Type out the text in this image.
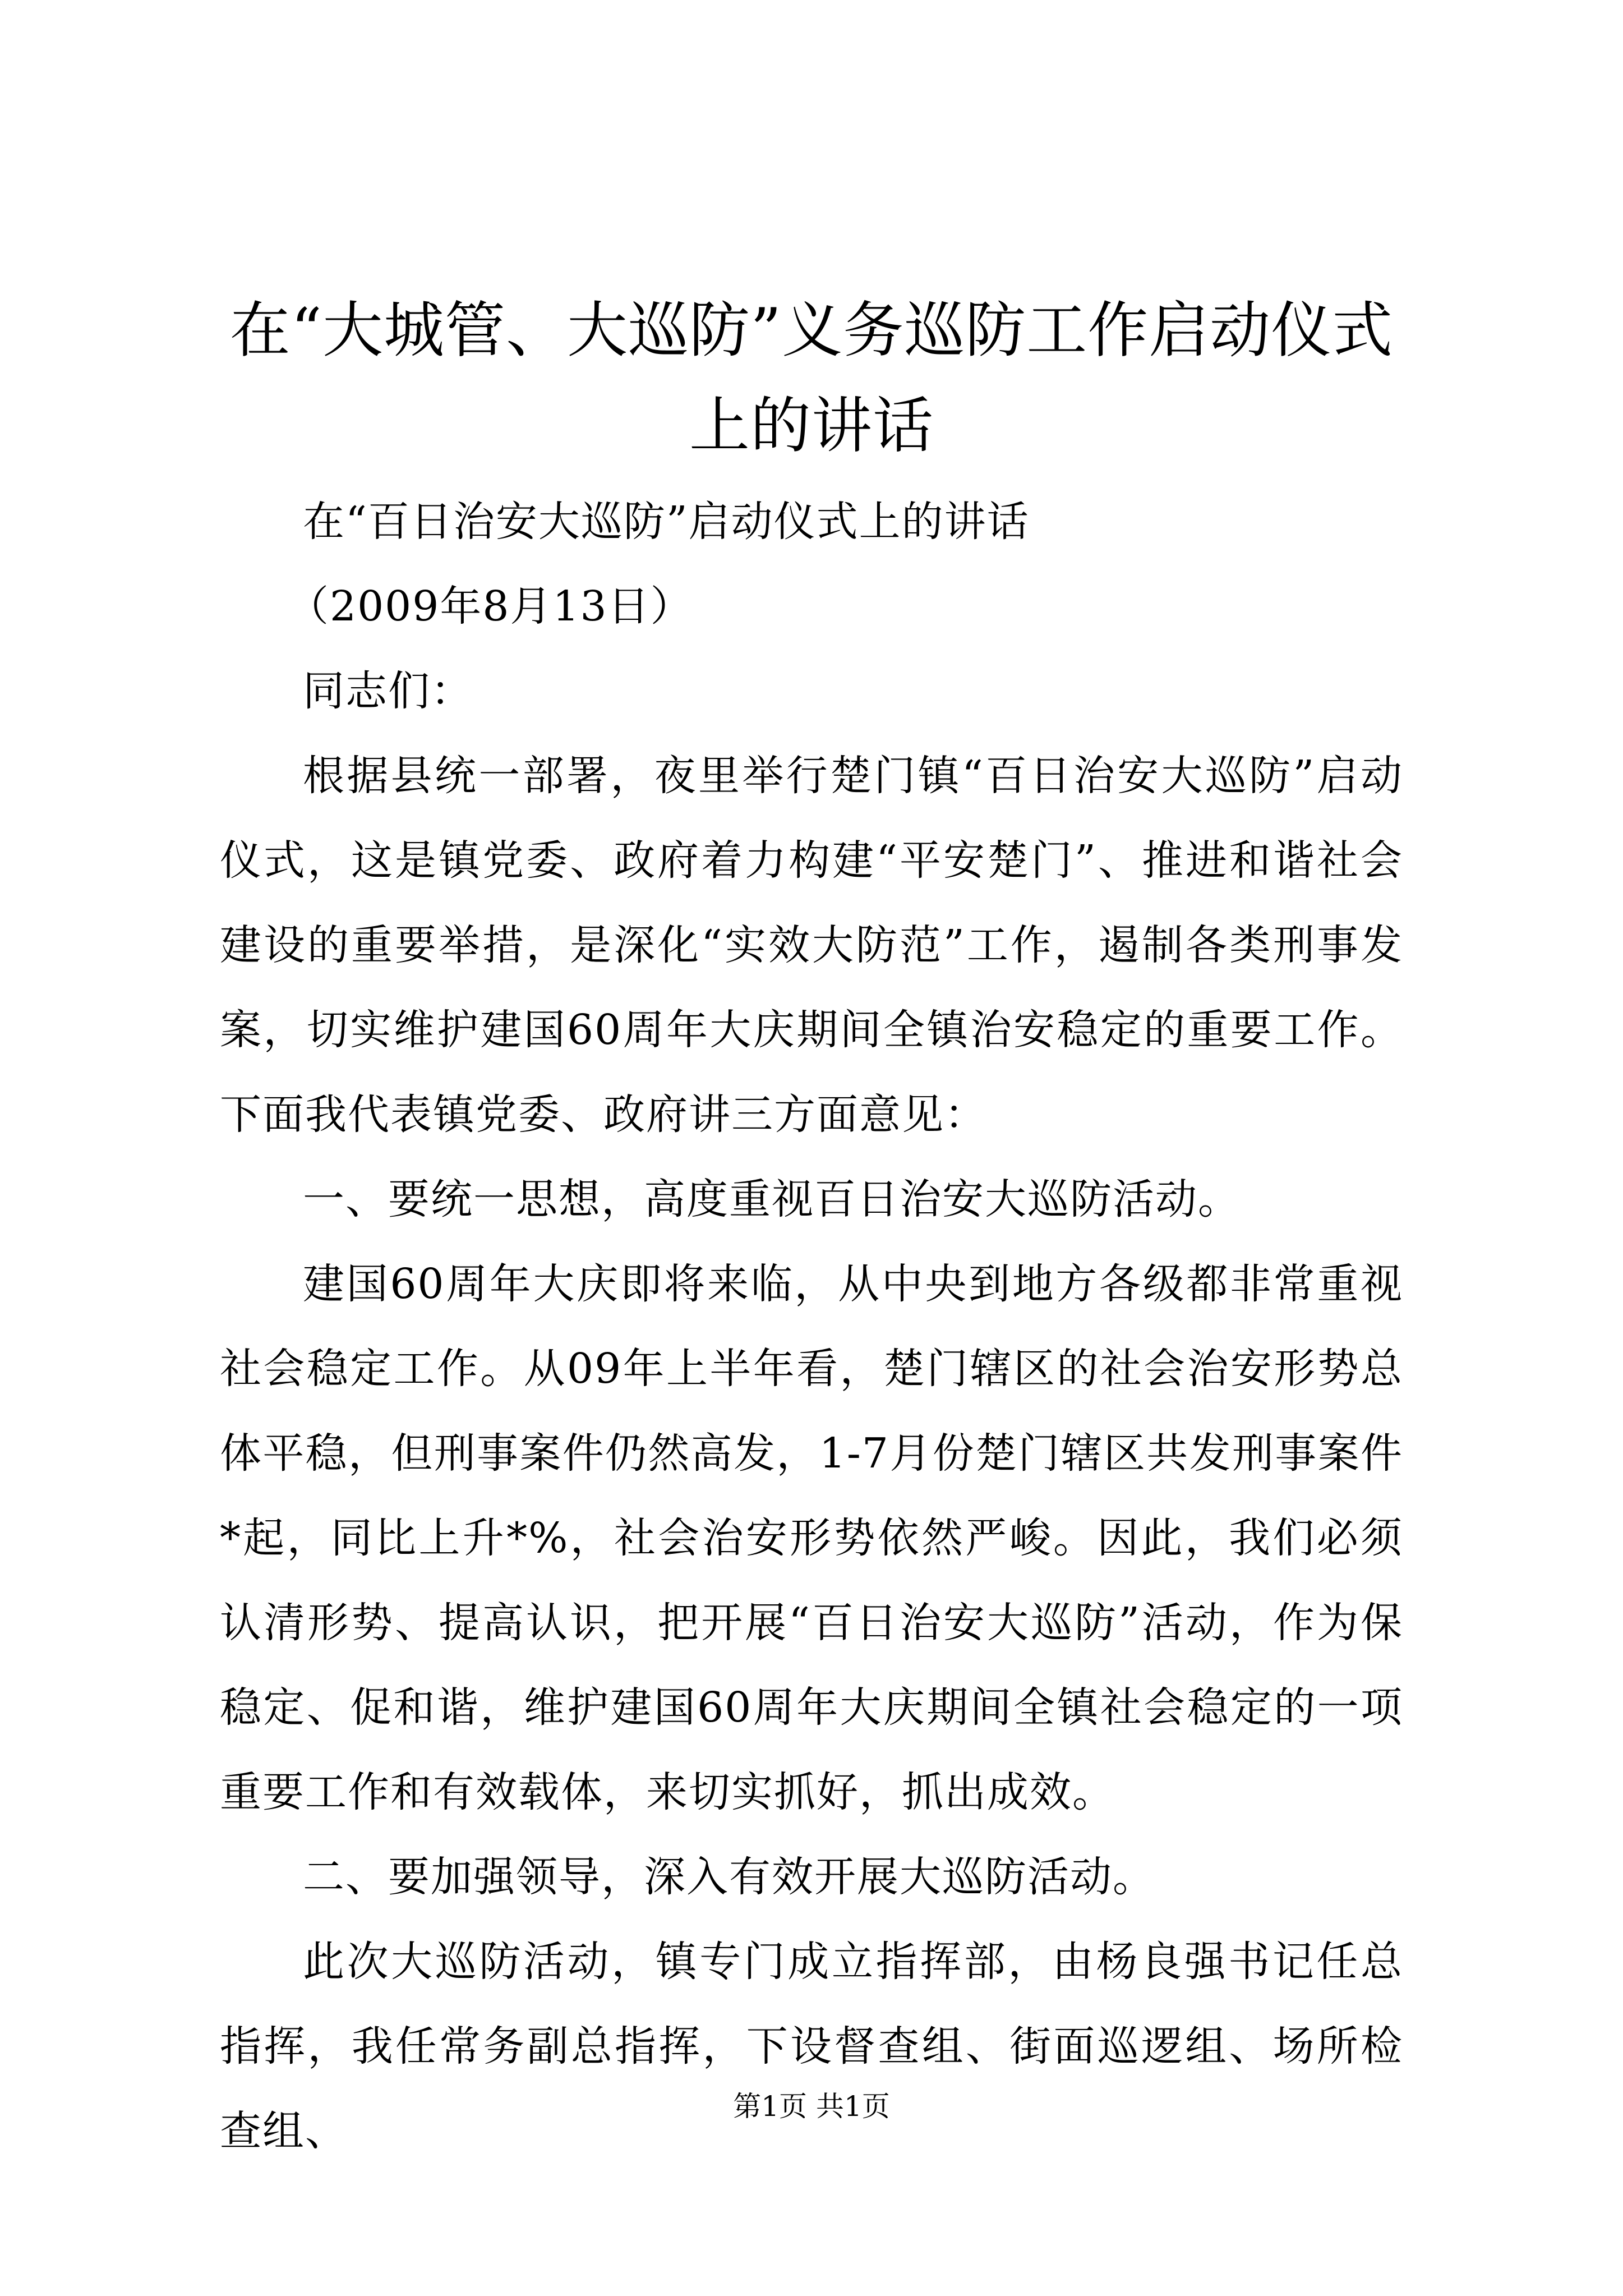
在“大城管、大巡防”义务巡防工作启动仪式上的讲话

在“百日治安大巡防”启动仪式上的讲话

（2009年8月13日）

同志们：

根据县统一部署，夜里举行楚门镇“百日治安大巡防”启动仪式，这是镇党委、政府着力构建“平安楚门”、推进和谐社会建设的重要举措，是深化“实效大防范”工作，遏制各类刑事发案，切实维护建国60周年大庆期间全镇治安稳定的重要工作。下面我代表镇党委、政府讲三方面意见：

一、要统一思想，高度重视百日治安大巡防活动。

建国60周年大庆即将来临，从中央到地方各级都非常重视社会稳定工作。从09年上半年看，楚门辖区的社会治安形势总体平稳，但刑事案件仍然高发，1-7月份楚门辖区共发刑事案件*起，同比上升*%，社会治安形势依然严峻。因此，我们必须认清形势、提高认识，把开展“百日治安大巡防”活动，作为保稳定、促和谐，维护建国60周年大庆期间全镇社会稳定的一项重要工作和有效载体，来切实抓好，抓出成效。

二、要加强领导，深入有效开展大巡防活动。

此次大巡防活动，镇专门成立指挥部，由杨良强书记任总指挥，我任常务副总指挥，下设督查组、街面巡逻组、场所检查组、

第1页 共1页
